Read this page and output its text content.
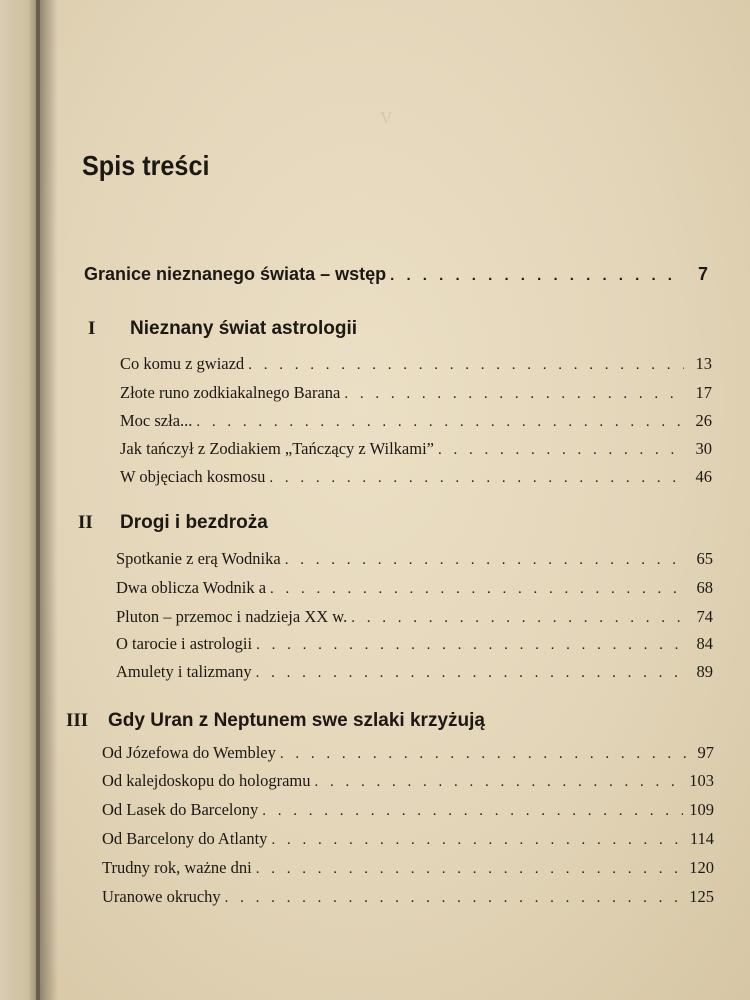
V

Spis treści
Granice nieznanego świata – wstęp . . .	7
I Nieznany świat astrologii
Co komu z gwiazd . . .	13
Złote runo zodkiakalnego Barana . . .	17
Moc szła... . . .	26
Jak tańczył z Zodiakiem „Tańczący z Wilkami” . . .	30
W objęciach kosmosu . . .	46
II Drogi i bezdroża
Spotkanie z erą Wodnika . . .	65
Dwa oblicza Wodnik a . . .	68
Pluton – przemoc i nadzieja XX w. . . .	74
O tarocie i astrologii . . .	84
Amulety i talizmany . . .	89
III Gdy Uran z Neptunem swe szlaki krzyżują
Od Józefowa do Wembley . . .	97
Od kalejdoskopu do hologramu . . .	103
Od Lasek do Barcelony . . .	109
Od Barcelony do Atlanty . . .	114
Trudny rok, ważne dni . . .	120
Uranowe okruchy . . .	125
